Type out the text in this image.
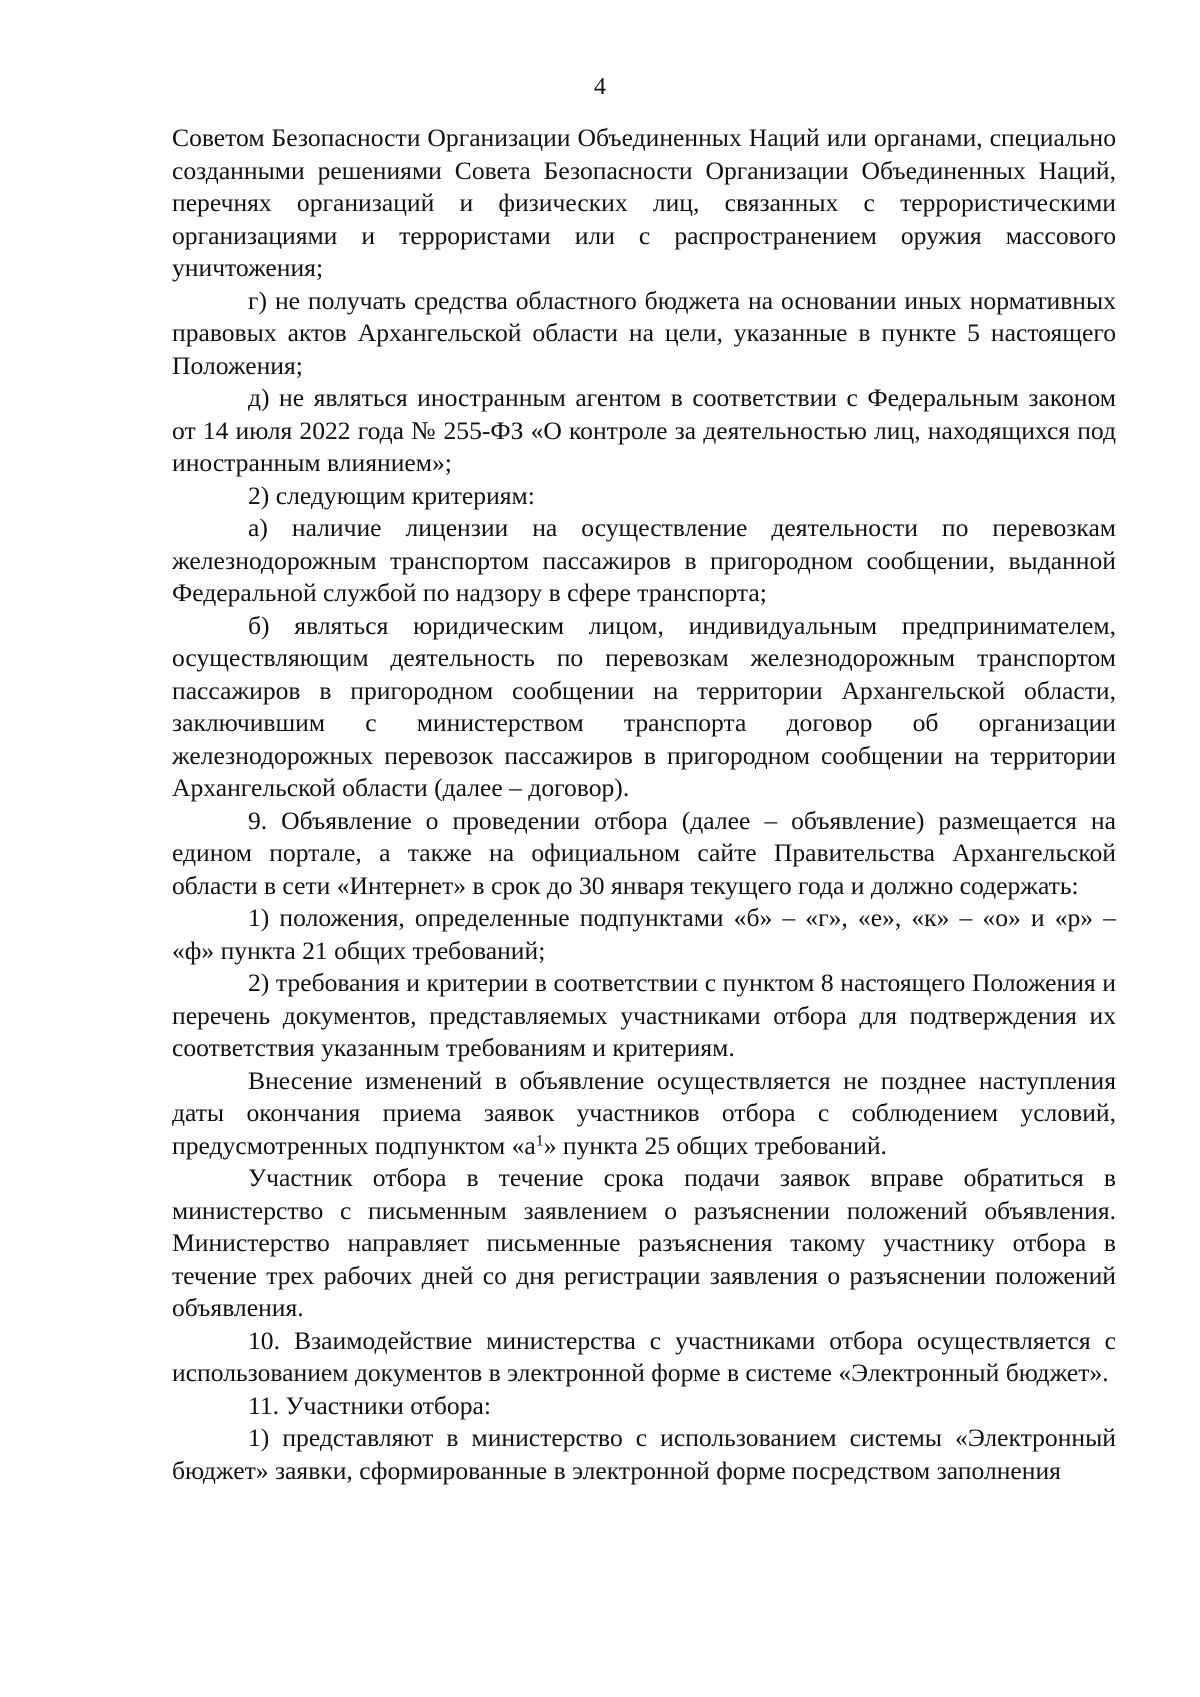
4

Советом Безопасности Организации Объединенных Наций или органами, специально созданными решениями Совета Безопасности Организации Объединенных Наций, перечнях организаций и физических лиц, связанных с террористическими организациями и террористами или с распространением оружия массового уничтожения;

г) не получать средства областного бюджета на основании иных нормативных правовых актов Архангельской области на цели, указанные в пункте 5 настоящего Положения;

д) не являться иностранным агентом в соответствии с Федеральным законом от 14 июля 2022 года № 255-ФЗ «О контроле за деятельностью лиц, находящихся под иностранным влиянием»;

2) следующим критериям:

а) наличие лицензии на осуществление деятельности по перевозкам железнодорожным транспортом пассажиров в пригородном сообщении, выданной Федеральной службой по надзору в сфере транспорта;

б) являться юридическим лицом, индивидуальным предпринимателем, осуществляющим деятельность по перевозкам железнодорожным транспортом пассажиров в пригородном сообщении на территории Архангельской области, заключившим с министерством транспорта договор об организации железнодорожных перевозок пассажиров в пригородном сообщении на территории Архангельской области (далее – договор).

9. Объявление о проведении отбора (далее – объявление) размещается на едином портале, а также на официальном сайте Правительства Архангельской области в сети «Интернет» в срок до 30 января текущего года и должно содержать:

1) положения, определенные подпунктами «б» – «г», «е», «к» – «о» и «р» – «ф» пункта 21 общих требований;

2) требования и критерии в соответствии с пунктом 8 настоящего Положения и перечень документов, представляемых участниками отбора для подтверждения их соответствия указанным требованиям и критериям.

Внесение изменений в объявление осуществляется не позднее наступления даты окончания приема заявок участников отбора с соблюдением условий, предусмотренных подпунктом «$а^1$» пункта 25 общих требований.

Участник отбора в течение срока подачи заявок вправе обратиться в министерство с письменным заявлением о разъяснении положений объявления. Министерство направляет письменные разъяснения такому участнику отбора в течение трех рабочих дней со дня регистрации заявления о разъяснении положений объявления.

10. Взаимодействие министерства с участниками отбора осуществляется с использованием документов в электронной форме в системе «Электронный бюджет».

11. Участники отбора:

1) представляют в министерство с использованием системы «Электронный бюджет» заявки, сформированные в электронной форме посредством заполнения
